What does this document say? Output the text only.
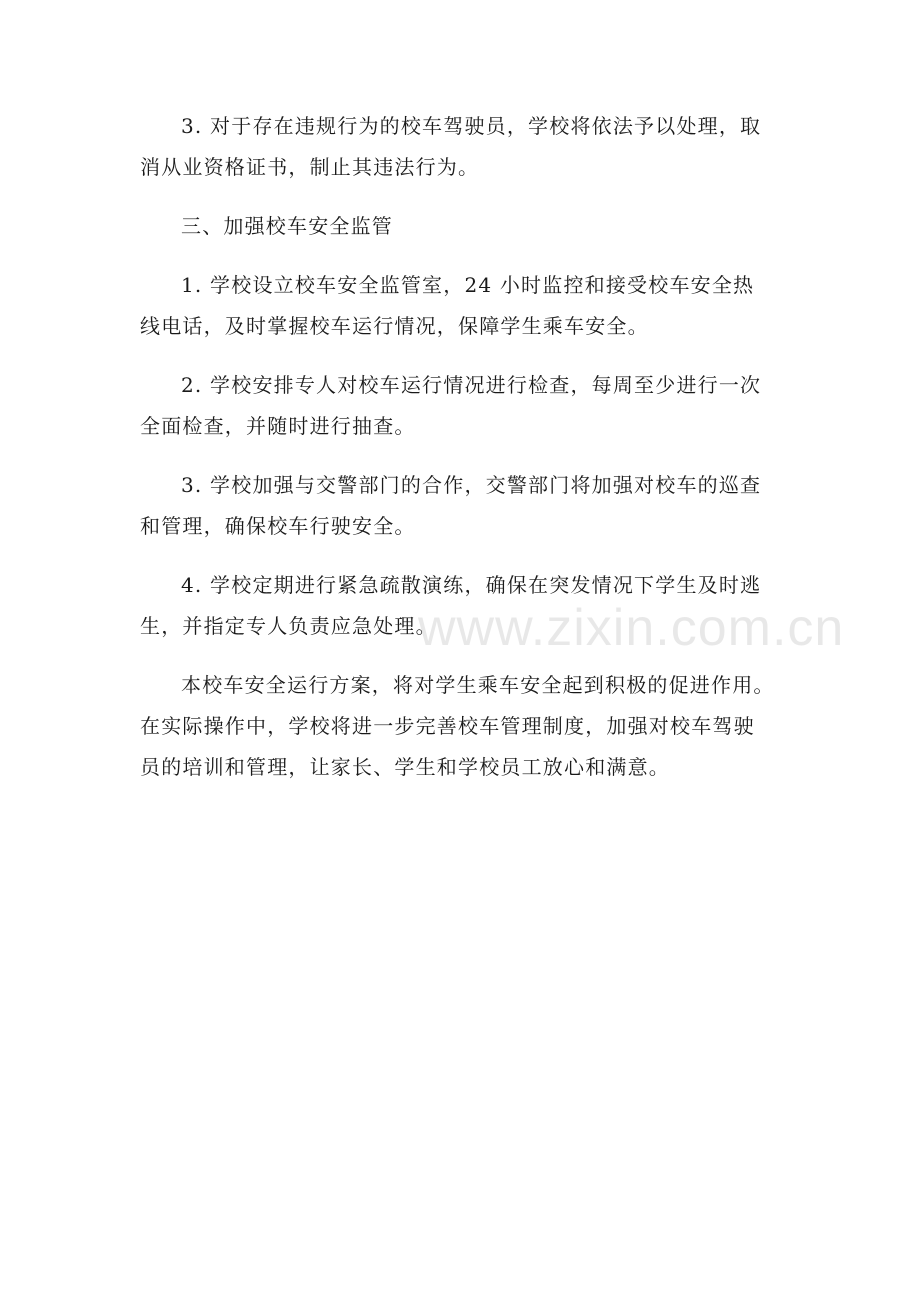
3. 对于存在违规行为的校车驾驶员，学校将依法予以处理，取
消从业资格证书，制止其违法行为。

三、加强校车安全监管

1. 学校设立校车安全监管室，24 小时监控和接受校车安全热
线电话，及时掌握校车运行情况，保障学生乘车安全。

2. 学校安排专人对校车运行情况进行检查，每周至少进行一次
全面检查，并随时进行抽查。

3. 学校加强与交警部门的合作，交警部门将加强对校车的巡查
和管理，确保校车行驶安全。

4. 学校定期进行紧急疏散演练，确保在突发情况下学生及时逃
生，并指定专人负责应急处理。

本校车安全运行方案，将对学生乘车安全起到积极的促进作用。
在实际操作中，学校将进一步完善校车管理制度，加强对校车驾驶
员的培训和管理，让家长、学生和学校员工放心和满意。

www.zixin.com.cn
